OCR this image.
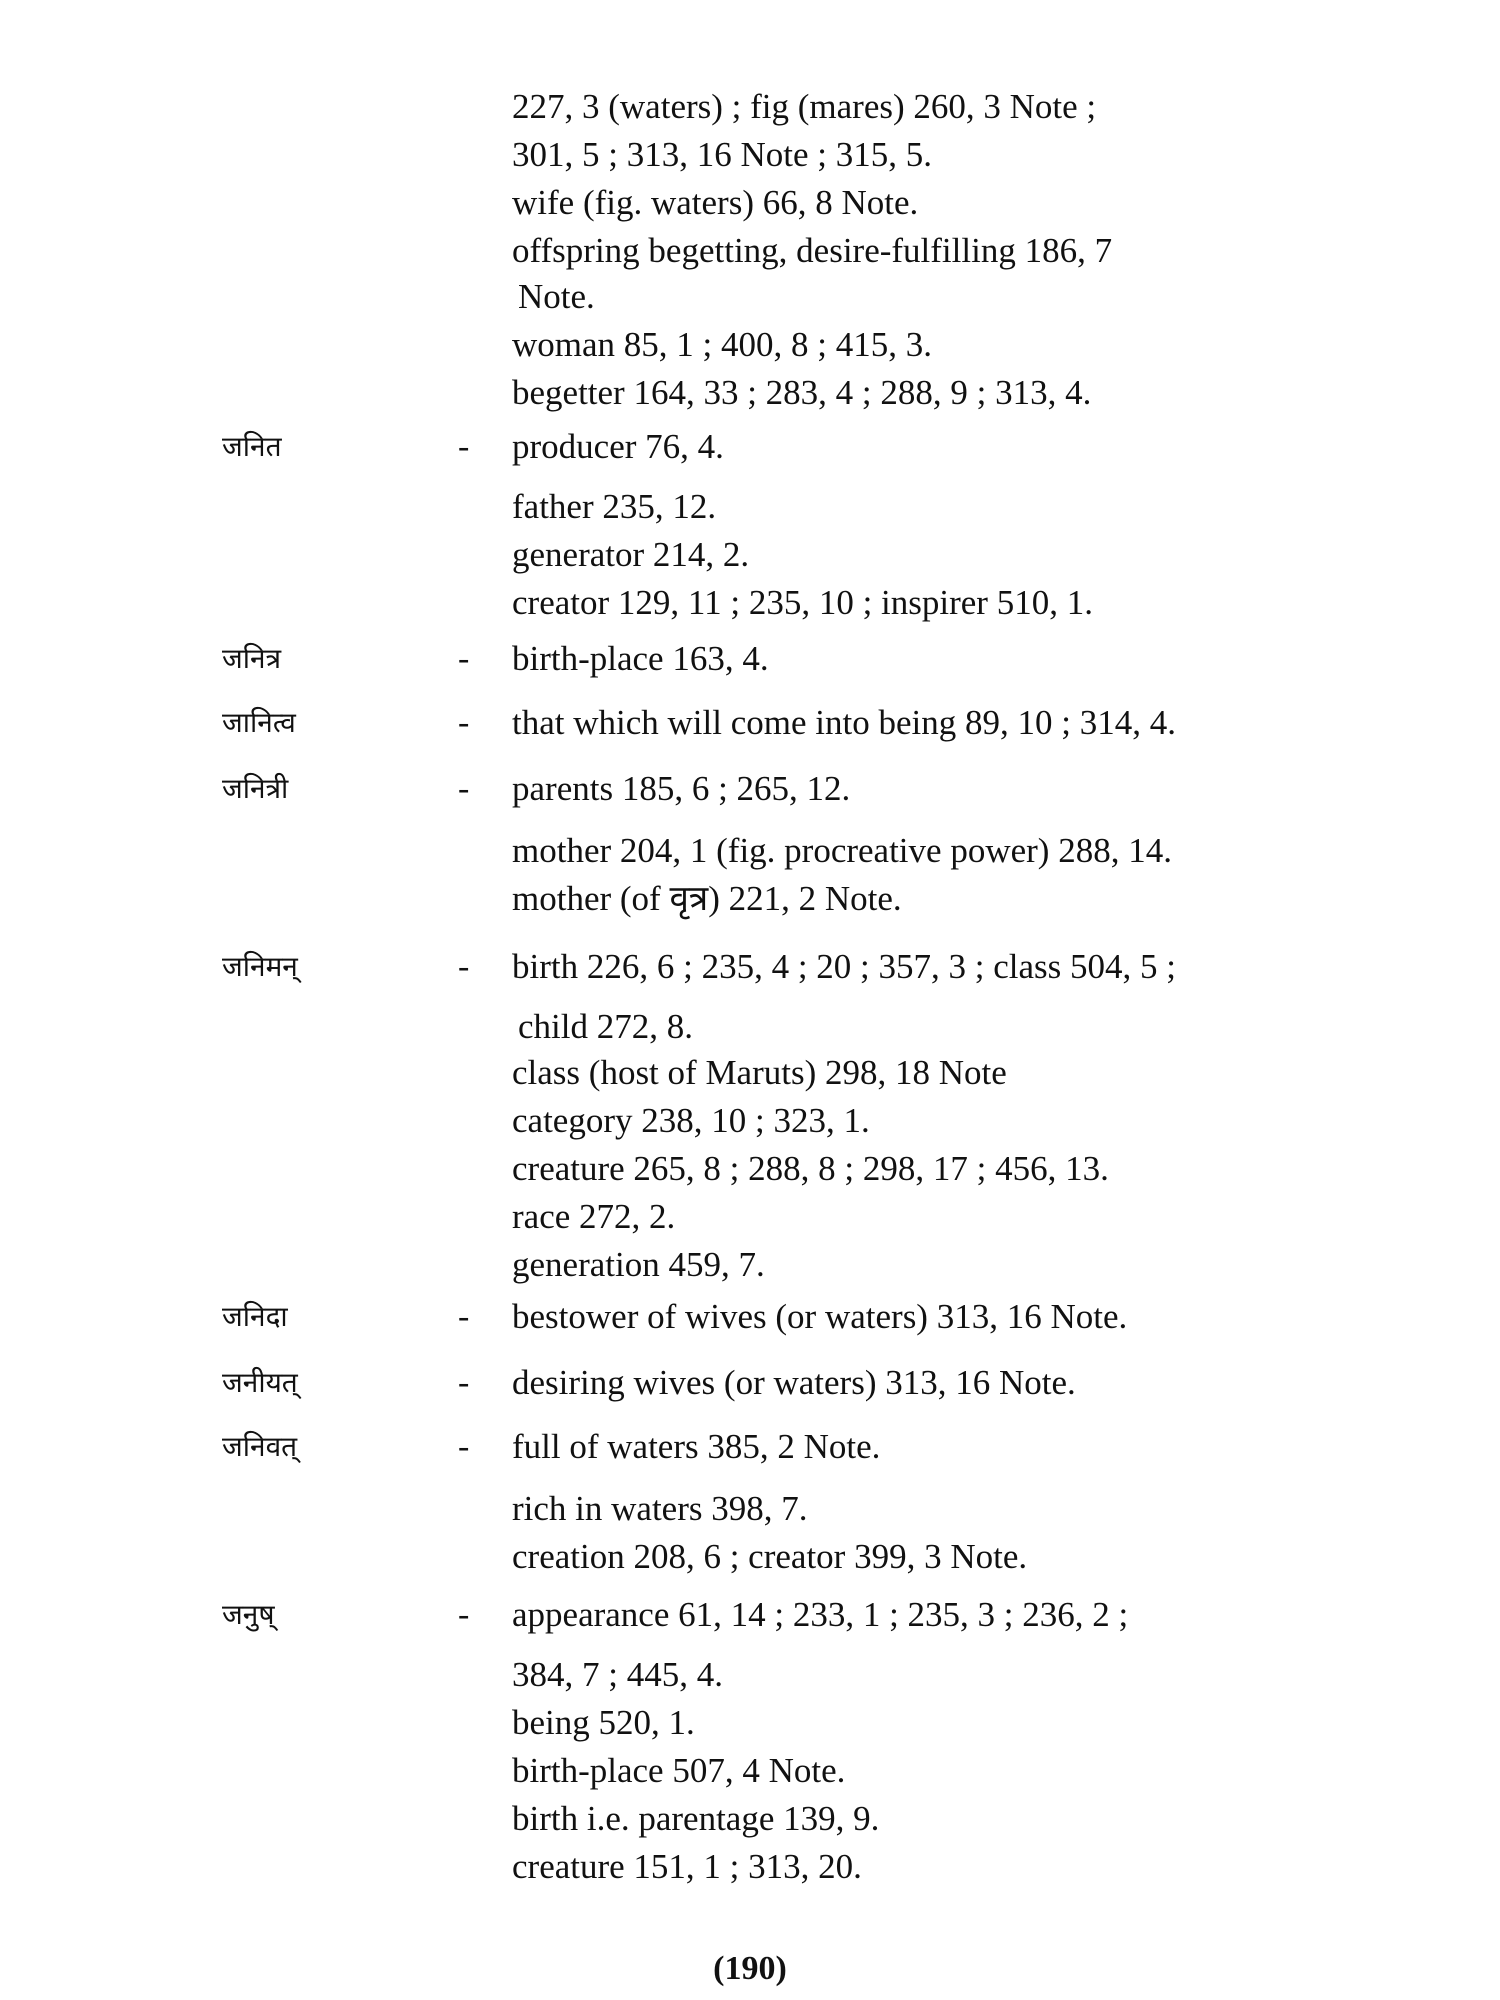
227, 3 (waters) ; fig (mares) 260, 3 Note ;
301, 5 ; 313, 16 Note ; 315, 5.
wife (fig. waters) 66, 8 Note.
offspring begetting, desire-fulfilling 186, 7
Note.
woman 85, 1 ; 400, 8 ; 415, 3.
begetter 164, 33 ; 283, 4 ; 288, 9 ; 313, 4.
जनित	- producer 76, 4.
father 235, 12.
generator 214, 2.
creator 129, 11 ; 235, 10 ; inspirer 510, 1.
जनित्र	- birth-place 163, 4.
जानित्व	- that which will come into being 89, 10 ; 314, 4.
जनित्री	- parents 185, 6 ; 265, 12.
mother 204, 1 (fig. procreative power) 288, 14.
mother (of वृत्र) 221, 2 Note.
जनिमन्	- birth 226, 6 ; 235, 4 ; 20 ; 357, 3 ; class 504, 5 ;
child 272, 8.
class (host of Maruts) 298, 18 Note
category 238, 10 ; 323, 1.
creature 265, 8 ; 288, 8 ; 298, 17 ; 456, 13.
race 272, 2.
generation 459, 7.
जनिदा	- bestower of wives (or waters) 313, 16 Note.
जनीयत्	- desiring wives (or waters) 313, 16 Note.
जनिवत्	- full of waters 385, 2 Note.
rich in waters 398, 7.
creation 208, 6 ; creator 399, 3 Note.
जनुष्	- appearance 61, 14 ; 233, 1 ; 235, 3 ; 236, 2 ;
384, 7 ; 445, 4.
being 520, 1.
birth-place 507, 4 Note.
birth i.e. parentage 139, 9.
creature 151, 1 ; 313, 20.
(190)
